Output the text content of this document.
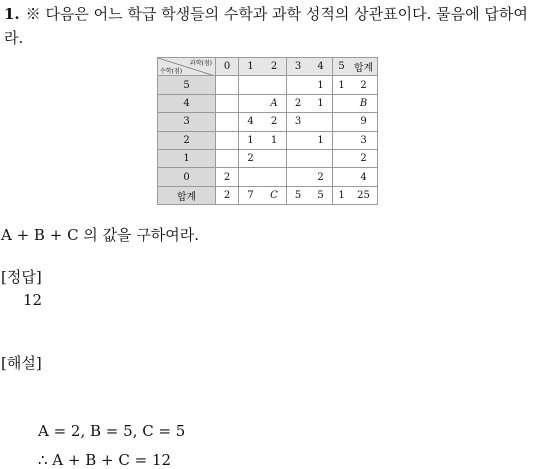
1. ※ 다음은 어느 학급 학생들의 수학과 과학 성적의 상관표이다. 물음에 답하여라.
과학(점)
수학(점)	0	1	2	3	4	5	합계
5					1	1	2
4			A	2	1		B
3		4	2	3			9
2		1	1		1		3
1		2					2
0	2				2		4
합계	2	7	C	5	5	1	25
A + B + C 의 값을 구하여라.
[정답]
12
[해설]
A = 2, B = 5, C = 5
∴ A + B + C = 12
